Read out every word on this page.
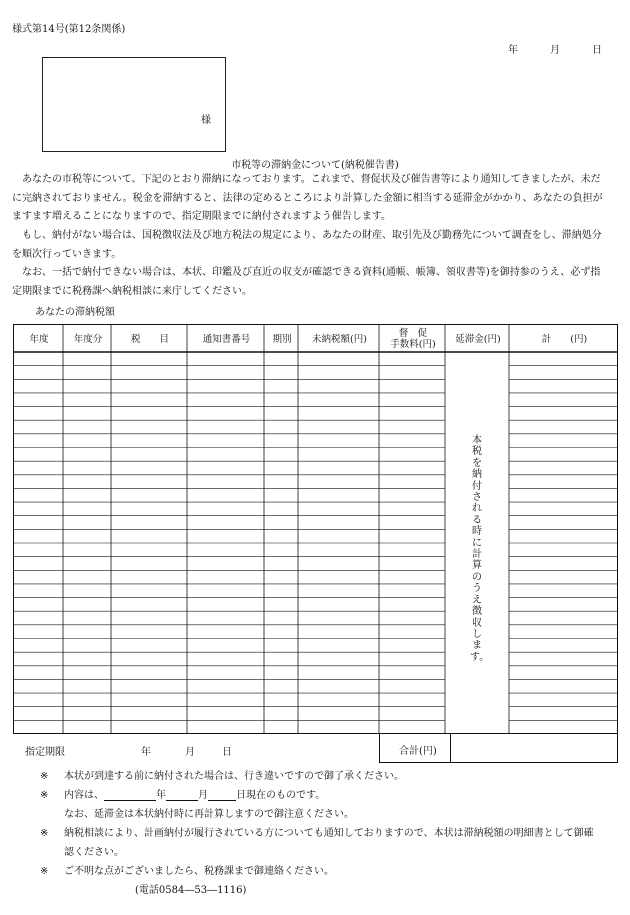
様式第14号(第12条関係)
年	月	日
様
市税等の滞納金について(納税催告書)
あなたの市税等について、下記のとおり滞納になっております。これまで、督促状及び催告書等により通知してきましたが、未だ
に完納されておりません。税金を滞納すると、法律の定めるところにより計算した金額に相当する延滞金がかかり、あなたの負担が
ますます増えることになりますので、指定期限までに納付されますよう催告します。
もし、納付がない場合は、国税徴収法及び地方税法の規定により、あなたの財産、取引先及び勤務先について調査をし、滞納処分
を順次行っていきます。
なお、一括で納付できない場合は、本状、印鑑及び直近の収支が確認できる資料(通帳、帳簿、領収書等)を御持参のうえ、必ず指
定期限までに税務課へ納税相談に来庁してください。
あなたの滞納税額
年度	年度分	税　　目	通知書番号	期別	未納税額(円)	督　促
手数料(円)	延滞金(円)	計　　(円)
本税を納付される時に計算のうえ徴収します。
指定期限	年	月	日	合計(円)
※ 本状が到達する前に納付された場合は、行き違いですので御了承ください。
※ 内容は、	年	月	日現在のものです。
なお、延滞金は本状納付時に再計算しますので御注意ください。
※ 納税相談により、計画納付が履行されている方についても通知しておりますので、本状は滞納税額の明細書として御確
認ください。
※ ご不明な点がございましたら、税務課まで御連絡ください。
(電話0584―53―1116)
